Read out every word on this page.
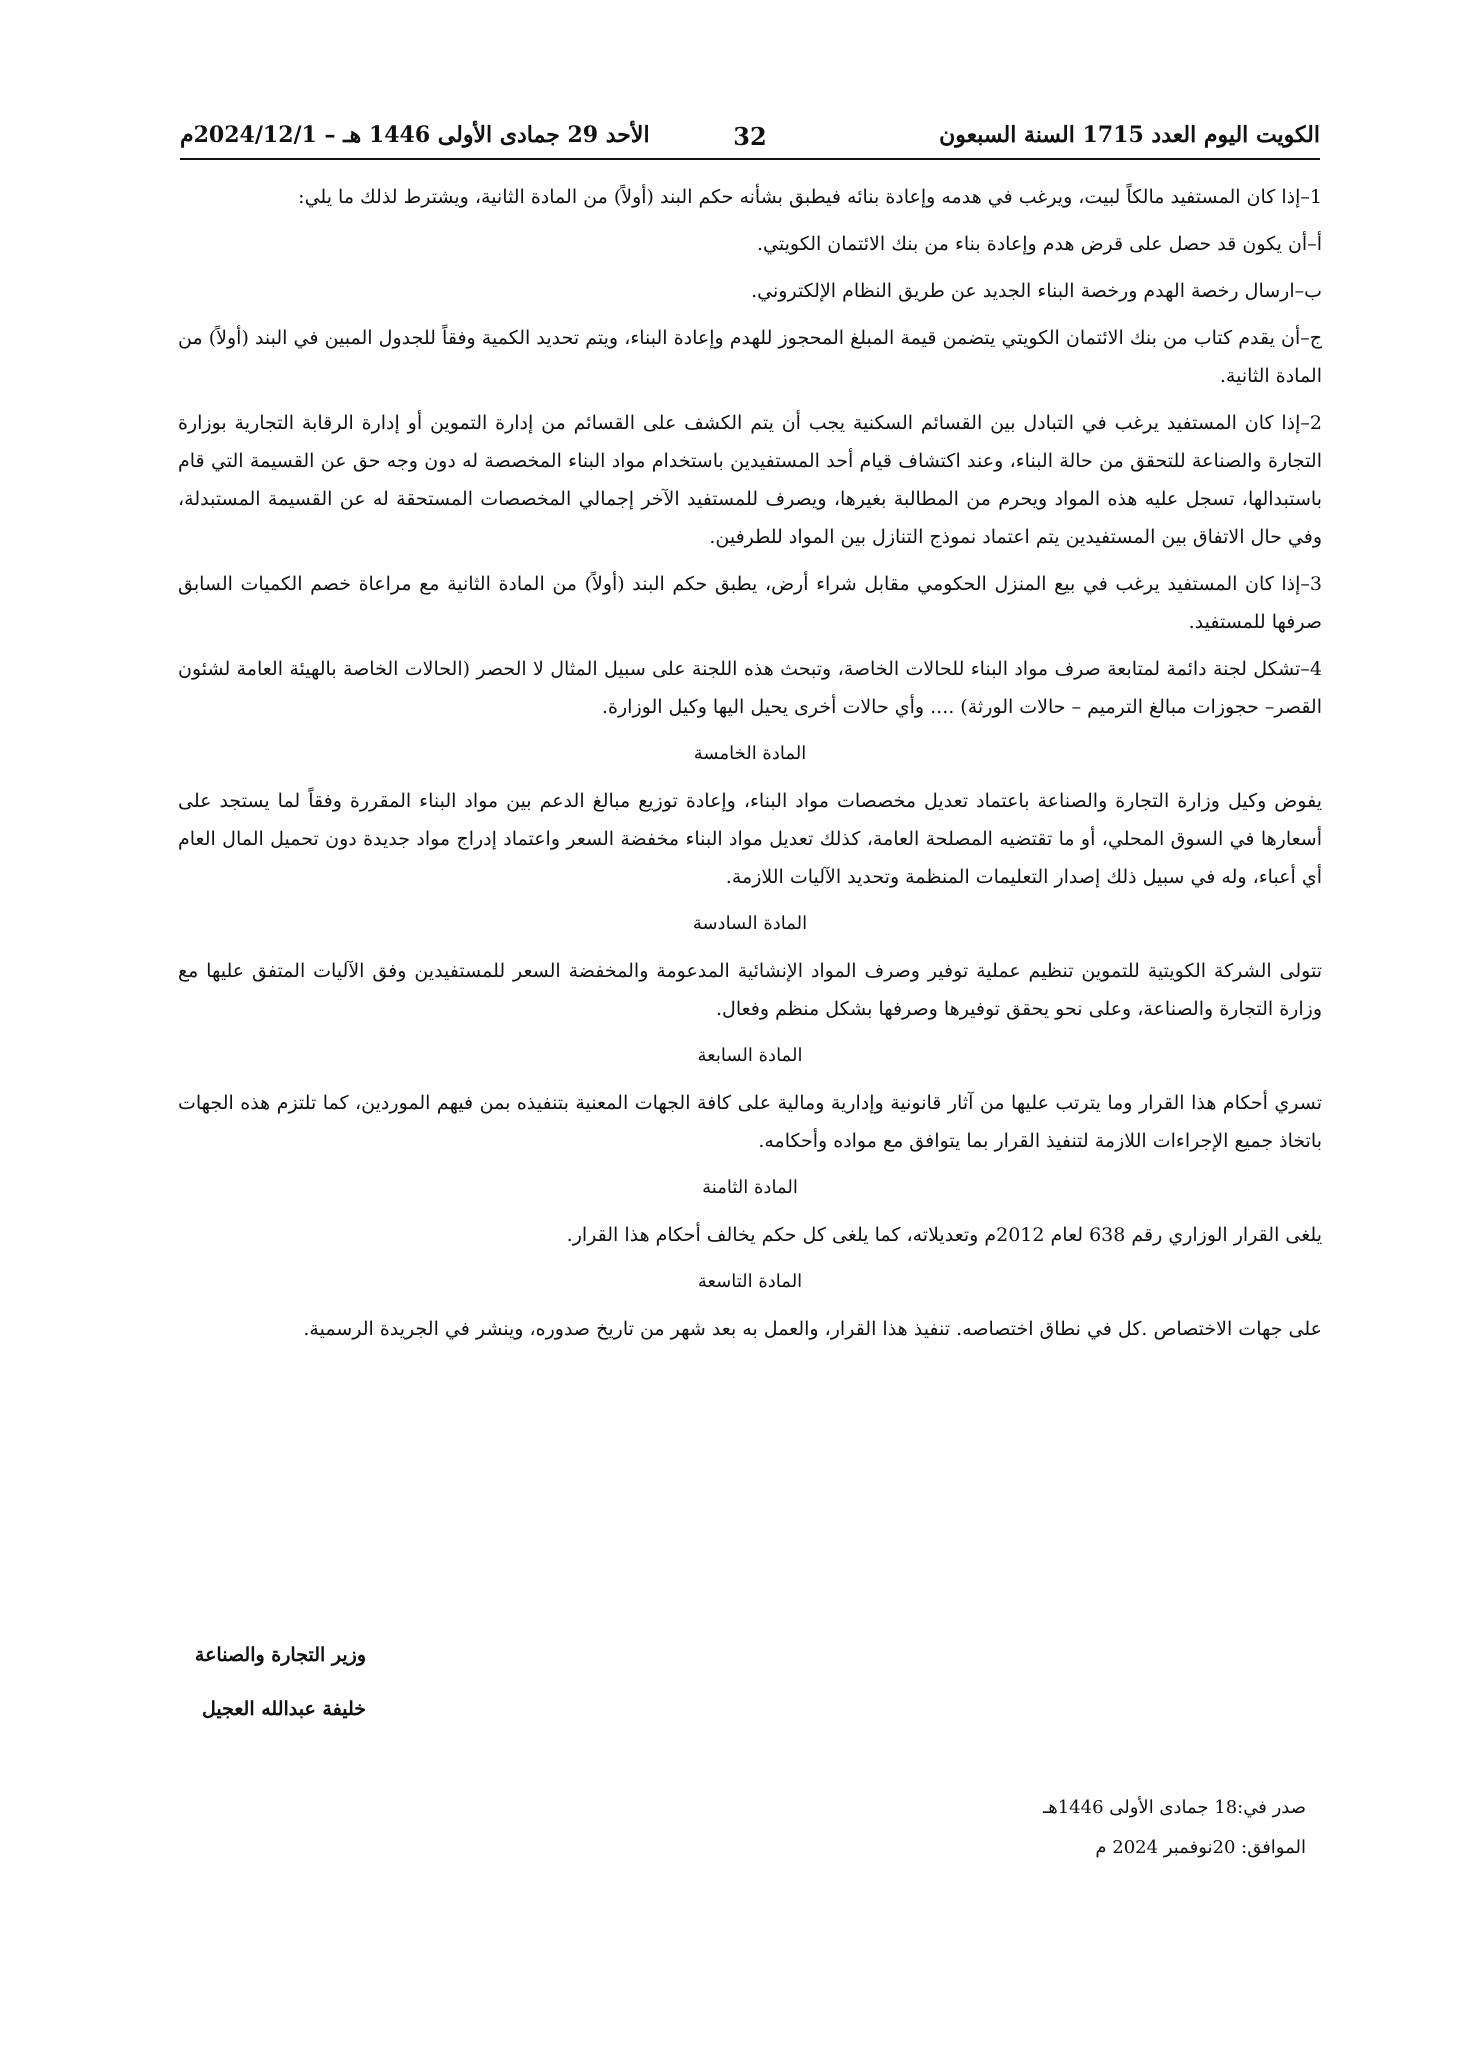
الكويت اليوم العدد 1715 السنة السبعون
32
الأحد 29 جمادى الأولى 1446 هـ – 2024/12/1م

1–إذا كان المستفيد مالكاً لبيت، ويرغب في هدمه وإعادة بنائه فيطبق بشأنه حكم البند (أولاً) من المادة الثانية، ويشترط لذلك ما يلي:

أ–أن يكون قد حصل على قرض هدم وإعادة بناء من بنك الائتمان الكويتي.

ب–ارسال رخصة الهدم ورخصة البناء الجديد عن طريق النظام الإلكتروني.

ج–أن يقدم كتاب من بنك الائتمان الكويتي يتضمن قيمة المبلغ المحجوز للهدم وإعادة البناء، ويتم تحديد الكمية وفقاً للجدول المبين في البند (أولاً) من المادة الثانية.

2–إذا كان المستفيد يرغب في التبادل بين القسائم السكنية يجب أن يتم الكشف على القسائم من إدارة التموين أو إدارة الرقابة التجارية بوزارة التجارة والصناعة للتحقق من حالة البناء، وعند اكتشاف قيام أحد المستفيدين باستخدام مواد البناء المخصصة له دون وجه حق عن القسيمة التي قام باستبدالها، تسجل عليه هذه المواد ويحرم من المطالبة بغيرها، ويصرف للمستفيد الآخر إجمالي المخصصات المستحقة له عن القسيمة المستبدلة، وفي حال الاتفاق بين المستفيدين يتم اعتماد نموذج التنازل بين المواد للطرفين.

3–إذا كان المستفيد يرغب في بيع المنزل الحكومي مقابل شراء أرض، يطبق حكم البند (أولاً) من المادة الثانية مع مراعاة خصم الكميات السابق صرفها للمستفيد.

4–تشكل لجنة دائمة لمتابعة صرف مواد البناء للحالات الخاصة، وتبحث هذه اللجنة على سبيل المثال لا الحصر (الحالات الخاصة بالهيئة العامة لشئون القصر– حجوزات مبالغ الترميم – حالات الورثة) .... وأي حالات أخرى يحيل اليها وكيل الوزارة.

المادة الخامسة

يفوض وكيل وزارة التجارة والصناعة باعتماد تعديل مخصصات مواد البناء، وإعادة توزيع مبالغ الدعم بين مواد البناء المقررة وفقاً لما يستجد على أسعارها في السوق المحلي، أو ما تقتضيه المصلحة العامة، كذلك تعديل مواد البناء مخفضة السعر واعتماد إدراج مواد جديدة دون تحميل المال العام أي أعباء، وله في سبيل ذلك إصدار التعليمات المنظمة وتحديد الآليات اللازمة.

المادة السادسة

تتولى الشركة الكويتية للتموين تنظيم عملية توفير وصرف المواد الإنشائية المدعومة والمخفضة السعر للمستفيدين وفق الآليات المتفق عليها مع وزارة التجارة والصناعة، وعلى نحو يحقق توفيرها وصرفها بشكل منظم وفعال.

المادة السابعة

تسري أحكام هذا القرار وما يترتب عليها من آثار قانونية وإدارية ومالية على كافة الجهات المعنية بتنفيذه بمن فيهم الموردين، كما تلتزم هذه الجهات باتخاذ جميع الإجراءات اللازمة لتنفيذ القرار بما يتوافق مع مواده وأحكامه.

المادة الثامنة

يلغى القرار الوزاري رقم 638 لعام 2012م وتعديلاته، كما يلغى كل حكم يخالف أحكام هذا القرار.

المادة التاسعة

على جهات الاختصاص .كل في نطاق اختصاصه. تنفيذ هذا القرار، والعمل به بعد شهر من تاريخ صدوره، وينشر في الجريدة الرسمية.

وزير التجارة والصناعة
خليفة عبدالله العجيل
صدر في:18 جمادى الأولى 1446هـ
الموافق: 20نوفمبر 2024 م
